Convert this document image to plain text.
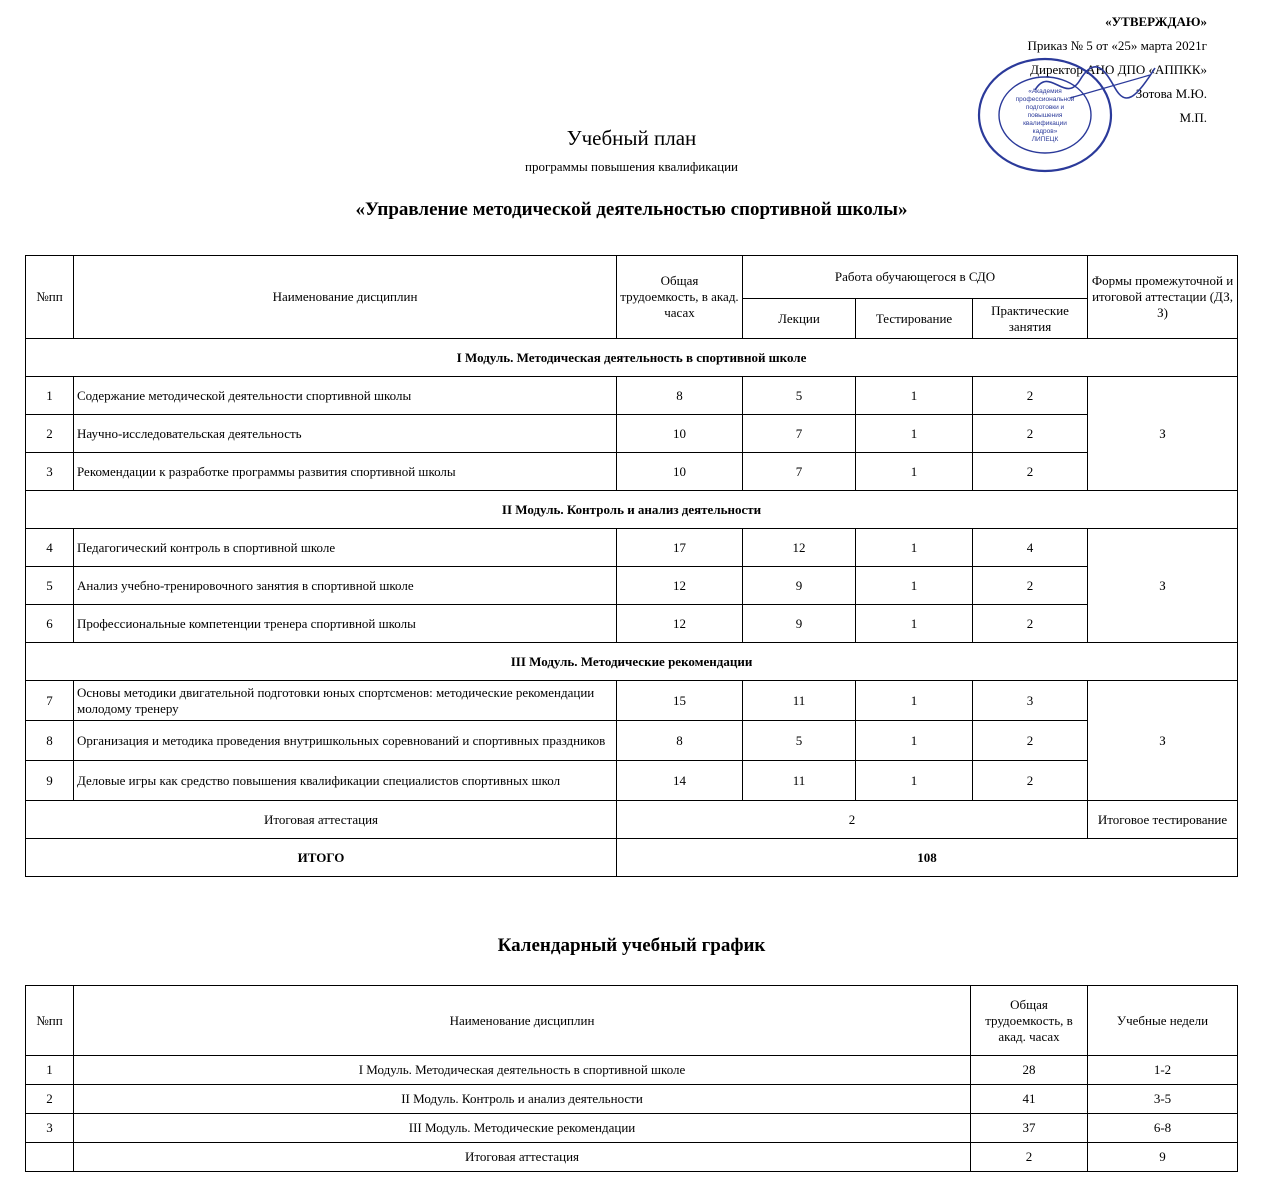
«УТВЕРЖДАЮ»
Приказ № 5 от «25» марта 2021г
Директор АНО ДПО «АППКК»
Зотова М.Ю.
М.П.
«Академия
профессиональной
подготовки и
повышения
квалификации
кадров»
ЛИПЕЦК
Учебный план
программы повышения квалификации
«Управление методической деятельностью спортивной школы»
№пп	Наименование дисциплин	Общая трудоемкость, в акад. часах	Работа обучающегося в СДО			Формы промежуточной и итоговой аттестации (ДЗ, З)
			Лекции	Тестирование	Практические занятия	
I Модуль. Методическая деятельность в спортивной школе						
1	Содержание методической деятельности спортивной школы	8	5	1	2	З
2	Научно-исследовательская деятельность	10	7	1	2	
3	Рекомендации к разработке программы развития спортивной школы	10	7	1	2	
II Модуль. Контроль и анализ деятельности						
4	Педагогический контроль в спортивной школе	17	12	1	4	З
5	Анализ учебно-тренировочного занятия в спортивной школе	12	9	1	2	
6	Профессиональные компетенции тренера спортивной школы	12	9	1	2	
III Модуль. Методические рекомендации						
7	Основы методики двигательной подготовки юных спортсменов: методические рекомендации молодому тренеру	15	11	1	3	З
8	Организация и методика проведения внутришкольных соревнований и спортивных праздников	8	5	1	2	
9	Деловые игры как средство повышения квалификации специалистов спортивных школ	14	11	1	2	
Итоговая аттестация		2				Итоговое тестирование
ИТОГО		108				
Календарный учебный график
№пп	Наименование дисциплин	Общая трудоемкость, в акад. часах	Учебные недели
1	I Модуль. Методическая деятельность в спортивной школе	28	1-2
2	II Модуль. Контроль и анализ деятельности	41	3-5
3	III Модуль. Методические рекомендации	37	6-8
	Итоговая аттестация	2	9
